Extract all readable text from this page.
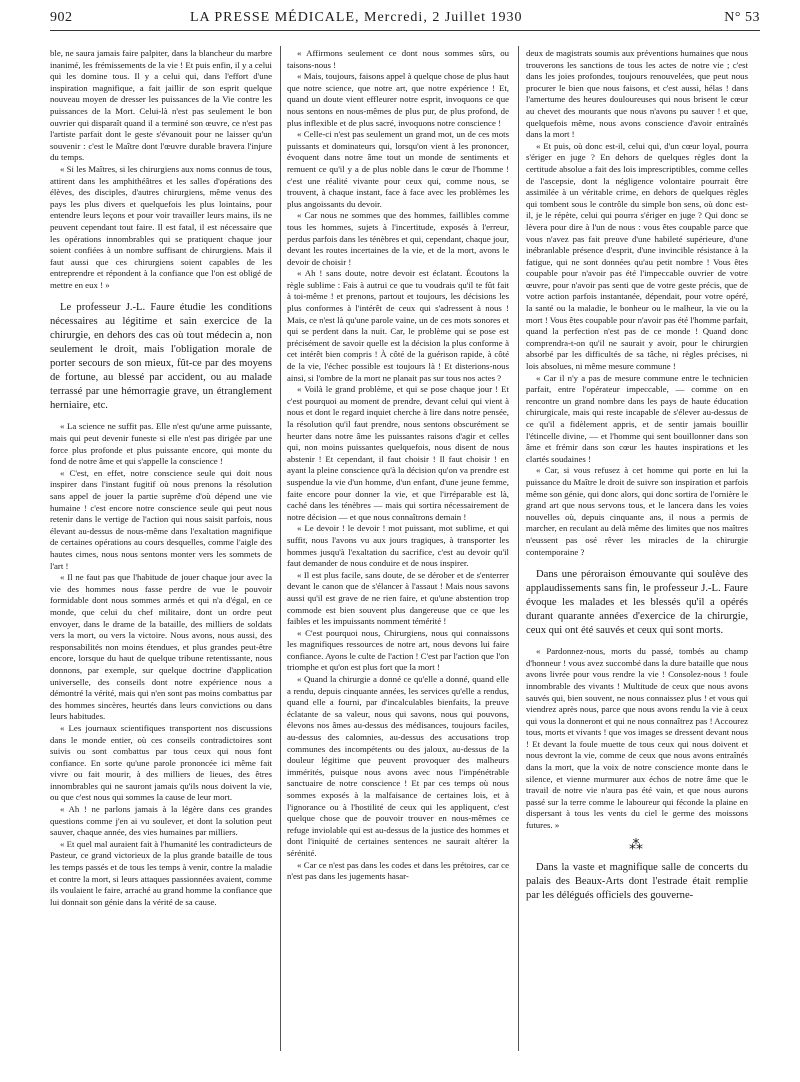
902	LA PRESSE MÉDICALE, Mercredi, 2 Juillet 1930	N° 53

ble, ne saura jamais faire palpiter, dans la blancheur du marbre inanimé, les frémissements de la vie ! Et puis enfin, il y a celui qui les domine tous. Il y a celui qui, dans l'effort d'une inspiration magnifique, a fait jaillir de son esprit quelque nouveau moyen de dresser les puissances de la Vie contre les puissances de la Mort. Celui-là n'est pas seulement le bon ouvrier qui disparaît quand il a terminé son œuvre, ce n'est pas l'artiste parfait dont le geste s'évanouit pour ne laisser qu'un souvenir : c'est le Maître dont l'œuvre durable bravera l'injure du temps.

« Si les Maîtres, si les chirurgiens aux noms connus de tous, attirent dans les amphithéâtres et les salles d'opérations des élèves, des disciples, d'autres chirurgiens, même venus des pays les plus divers et quelquefois les plus lointains, pour entendre leurs leçons et pour voir travailler leurs mains, ils ne peuvent cependant tout faire. Il est fatal, il est nécessaire que les opérations innombrables qui se pratiquent chaque jour soient confiées à un nombre suffisant de chirurgiens. Mais il faut aussi que ces chirurgiens soient capables de les entreprendre et répondent à la confiance que l'on est obligé de mettre en eux ! »

Le professeur J.-L. Faure étudie les conditions nécessaires au légitime et sain exercice de la chirurgie, en dehors des cas où tout médecin a, non seulement le droit, mais l'obligation morale de porter secours de son mieux, fût-ce par des moyens de fortune, au blessé par accident, ou au malade terrassé par une hémorragie grave, un étranglement herniaire, etc.

« La science ne suffit pas. Elle n'est qu'une arme puissante, mais qui peut devenir funeste si elle n'est pas dirigée par une force plus profonde et plus puissante encore, qui monte du fond de notre âme et qui s'appelle la conscience !

« C'est, en effet, notre conscience seule qui doit nous inspirer dans l'instant fugitif où nous prenons la résolution sans appel de jouer la partie suprême d'où dépend une vie humaine ! c'est encore notre conscience seule qui peut nous retenir dans le vertige de l'action qui nous saisit parfois, nous élevant au-dessus de nous-même dans l'exaltation magnifique de certaines opérations au cours desquelles, comme l'aigle des hautes cimes, nous nous sentons monter vers les sommets de l'art !

« Il ne faut pas que l'habitude de jouer chaque jour avec la vie des hommes nous fasse perdre de vue le pouvoir formidable dont nous sommes armés et qui n'a d'égal, en ce monde, que celui du chef militaire, dont un ordre peut envoyer, dans le drame de la bataille, des milliers de soldats vers la mort, ou vers la victoire. Nous avons, nous aussi, des responsabilités non moins étendues, et plus grandes peut-être encore, lorsque du haut de quelque tribune retentissante, nous donnons, par exemple, sur quelque doctrine d'application universelle, des conseils dont notre expérience nous a démontré la vérité, mais qui n'en sont pas moins combattus par des hommes sincères, heurtés dans leurs convictions ou dans leurs habitudes.

« Les journaux scientifiques transportent nos discussions dans le monde entier, où ces conseils contradictoires sont suivis ou sont combattus par tous ceux qui nous font confiance. En sorte qu'une parole prononcée ici même fait vivre ou fait mourir, à des milliers de lieues, des êtres innombrables qui ne sauront jamais qu'ils nous doivent la vie, ou que c'est nous qui sommes la cause de leur mort.

« Ah ! ne parlons jamais à la légère dans ces grandes questions comme j'en ai vu soulever, et dont la solution peut sauver, chaque année, des vies humaines par milliers.

« Et quel mal auraient fait à l'humanité les contradicteurs de Pasteur, ce grand victorieux de la plus grande bataille de tous les temps passés et de tous les temps à venir, contre la maladie et contre la mort, si leurs attaques passionnées avaient, comme ils voulaient le faire, arraché au grand homme la confiance que lui donnait son génie dans la vérité de sa cause.

« Affirmons seulement ce dont nous sommes sûrs, ou taisons-nous !

« Mais, toujours, faisons appel à quelque chose de plus haut que notre science, que notre art, que notre expérience ! Et, quand un doute vient effleurer notre esprit, invoquons ce que nous sentons en nous-mêmes de plus pur, de plus profond, de plus inflexible et de plus sacré, invoquons notre conscience !

« Celle-ci n'est pas seulement un grand mot, un de ces mots puissants et dominateurs qui, lorsqu'on vient à les prononcer, évoquent dans notre âme tout un monde de sentiments et remuent ce qu'il y a de plus noble dans le cœur de l'homme ! c'est une réalité vivante pour ceux qui, comme nous, se trouvent, à chaque instant, face à face avec les problèmes les plus angoissants du devoir.

« Car nous ne sommes que des hommes, faillibles comme tous les hommes, sujets à l'incertitude, exposés à l'erreur, perdus parfois dans les ténèbres et qui, cependant, chaque jour, devant les routes incertaines de la vie, et de la mort, avons le devoir de choisir !

« Ah ! sans doute, notre devoir est éclatant. Écoutons la règle sublime : Fais à autrui ce que tu voudrais qu'il te fût fait à toi-même ! et prenons, partout et toujours, les décisions les plus conformes à l'intérêt de ceux qui s'adressent à nous ! Mais, ce n'est là qu'une parole vaine, un de ces mots sonores et qui se perdent dans la nuit. Car, le problème qui se pose est précisément de savoir quelle est la décision la plus conforme à cet intérêt bien compris ! À côté de la guérison rapide, à côté de la vie, l'échec possible est toujours là ! Et disterions-nous ainsi, si l'ombre de la mort ne planait pas sur tous nos actes ?

« Voilà le grand problème, et qui se pose chaque jour ! Et c'est pourquoi au moment de prendre, devant celui qui vient à nous et dont le regard inquiet cherche à lire dans notre pensée, la résolution qu'il faut prendre, nous sentons obscurément se heurter dans notre âme les puissantes raisons d'agir et celles qui, non moins puissantes quelquefois, nous disent de nous abstenir ! Et cependant, il faut choisir ! Il faut choisir ! en ayant la pleine conscience qu'à la décision qu'on va prendre est suspendue la vie d'un homme, d'un enfant, d'une jeune femme, faite encore pour donner la vie, et que l'irréparable est là, caché dans les ténèbres — mais qui sortira nécessairement de notre décision — et que nous connaîtrons demain !

« Le devoir ! le devoir ! mot puissant, mot sublime, et qui suffit, nous l'avons vu aux jours tragiques, à transporter les hommes jusqu'à l'exaltation du sacrifice, c'est au devoir qu'il faut demander de nous conduire et de nous inspirer.

« Il est plus facile, sans doute, de se dérober et de s'enterrer devant le canon que de s'élancer à l'assaut ! Mais nous savons aussi qu'il est grave de ne rien faire, et qu'une abstention trop commode est bien souvent plus dangereuse que ce que les faibles et les impuissants nomment témérité !

« C'est pourquoi nous, Chirurgiens, nous qui connaissons les magnifiques ressources de notre art, nous devons lui faire confiance. Ayons le culte de l'action ! C'est par l'action que l'on triomphe et qu'on est plus fort que la mort !

« Quand la chirurgie a donné ce qu'elle a donné, quand elle a rendu, depuis cinquante années, les services qu'elle a rendus, quand elle a fourni, par d'incalculables bienfaits, la preuve éclatante de sa valeur, nous qui savons, nous qui pouvons, élevons nos âmes au-dessus des médisances, toujours faciles, au-dessus des calomnies, au-dessus des accusations trop communes des incompétents ou des jaloux, au-dessus de la douleur légitime que peuvent provoquer des malheurs immérités, puisque nous avons avec nous l'impénétrable sanctuaire de notre conscience ! Et par ces temps où nous sommes exposés à la malfaisance de certaines lois, et à l'ignorance ou à l'hostilité de ceux qui les appliquent, c'est quelque chose que de pouvoir trouver en nous-mêmes ce refuge inviolable qui est au-dessus de la justice des hommes et dont l'iniquité de certaines sentences ne saurait altérer la sérénité.

« Car ce n'est pas dans les codes et dans les prétoires, car ce n'est pas dans les jugements hasar-

deux de magistrats soumis aux préventions humaines que nous trouverons les sanctions de tous les actes de notre vie ; c'est dans les joies profondes, toujours renouvelées, que peut nous procurer le bien que nous faisons, et c'est aussi, hélas ! dans l'amertume des heures douloureuses qui nous brisent le cœur au chevet des mourants que nous n'avons pu sauver ! et que, quelquefois même, nous avons conscience d'avoir entraînés dans la mort !

« Et puis, où donc est-il, celui qui, d'un cœur loyal, pourra s'ériger en juge ? En dehors de quelques règles dont la certitude absolue a fait des lois imprescriptibles, comme celles de l'ascepsie, dont la négligence volontaire pourrait être assimilée à un véritable crime, en dehors de quelques règles qui tombent sous le contrôle du simple bon sens, où donc est-il, je le répète, celui qui pourra s'ériger en juge ? Qui donc se lèvera pour dire à l'un de nous : vous êtes coupable parce que vous n'avez pas fait preuve d'une habileté supérieure, d'une inébranlable présence d'esprit, d'une invincible résistance à la fatigue, qui ne sont données qu'au petit nombre ! Vous êtes coupable pour n'avoir pas été l'impeccable ouvrier de votre œuvre, pour n'avoir pas senti que de votre geste précis, que de votre action parfois instantanée, dépendait, pour votre opéré, la santé ou la maladie, le bonheur ou le malheur, la vie ou la mort ! Vous êtes coupable pour n'avoir pas été l'homme parfait, quand la perfection n'est pas de ce monde ! Quand donc comprendra-t-on qu'il ne saurait y avoir, pour le chirurgien absorbé par les difficultés de sa tâche, ni règles précises, ni lois absolues, ni même mesure commune !

« Car il n'y a pas de mesure commune entre le technicien parfait, entre l'opérateur impeccable, — comme on en rencontre un grand nombre dans les pays de haute éducation chirurgicale, mais qui reste incapable de s'élever au-dessus de ce qu'il a fidèlement appris, et de sentir jamais bouillir l'étincelle divine, — et l'homme qui sent bouillonner dans son âme et frémir dans son cœur les hautes inspirations et les clartés soudaines !

« Car, si vous refusez à cet homme qui porte en lui la puissance du Maître le droit de suivre son inspiration et parfois même son génie, qui donc alors, qui donc sortira de l'ornière le grand art que nous servons tous, et le lancera dans les voies nouvelles où, depuis cinquante ans, il nous a permis de marcher, en reculant au delà même des limites que nos maîtres n'eussent pas osé rêver les miracles de la chirurgie contemporaine ?

Dans une péroraison émouvante qui soulève des applaudissements sans fin, le professeur J.-L. Faure évoque les malades et les blessés qu'il a opérés durant quarante années d'exercice de la chirurgie, ceux qui ont été sauvés et ceux qui sont morts.

« Pardonnez-nous, morts du passé, tombés au champ d'honneur ! vous avez succombé dans la dure bataille que nous avons livrée pour vous rendre la vie ! Consolez-nous ! foule innombrable des vivants ! Multitude de ceux que nous avons sauvés qui, bien souvent, ne nous connaissez plus ! et vous qui viendrez après nous, parce que nous avons rendu la vie à ceux qui vous la donneront et qui ne nous connaîtrez pas ! Accourez tous, morts et vivants ! que vos images se dressent devant nous ! Et devant la foule muette de tous ceux qui nous doivent et nous devront la vie, comme de ceux que nous avons entraînés dans la mort, que la voix de notre conscience monte dans le silence, et vienne murmurer aux échos de notre âme que le travail de notre vie n'aura pas été vain, et que nous aurons passé sur la terre comme le laboureur qui féconde la plaine en dispersant à tous les vents du ciel le germe des moissons futures. »

⁂

Dans la vaste et magnifique salle de concerts du palais des Beaux-Arts dont l'estrade était remplie par les délégués officiels des gouverne-
